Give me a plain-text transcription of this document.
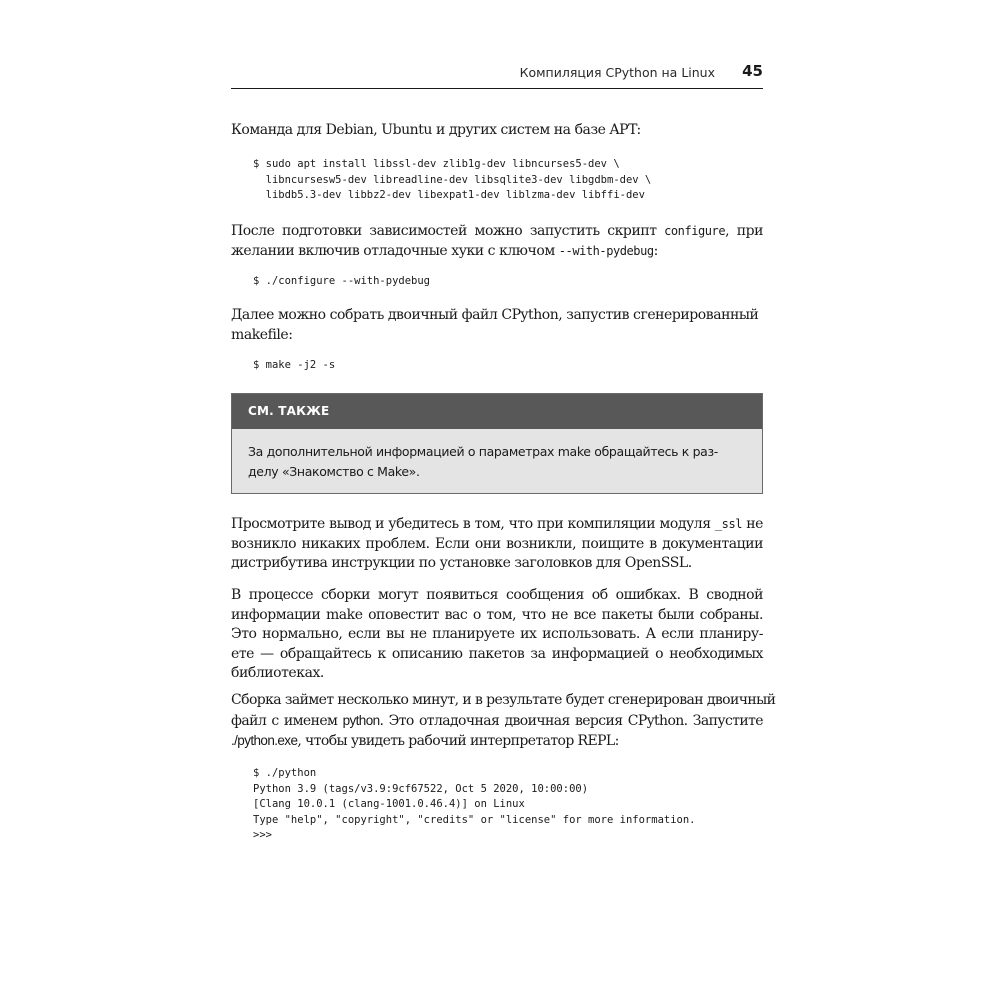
Компиляция CPython на Linux 45

Команда для Debian, Ubuntu и других систем на базе APT:

$ sudo apt install libssl-dev zlib1g-dev libncurses5-dev \
libncursesw5-dev libreadline-dev libsqlite3-dev libgdbm-dev \
libdb5.3-dev libbz2-dev libexpat1-dev liblzma-dev libffi-dev

После подготовки зависимостей можно запустить скрипт configure, при
желании включив отладочные хуки с ключом --with-pydebug:

$ ./configure --with-pydebug

Далее можно собрать двоичный файл CPython, запустив сгенерированный
makefile:

$ make -j2 -s
СМ. ТАКЖЕ
За дополнительной информацией о параметрах make обращайтесь к раз-
делу «Знакомство с Make».

Просмотрите вывод и убедитесь в том, что при компиляции модуля _ssl не
возникло никаких проблем. Если они возникли, поищите в документации
дистрибутива инструкции по установке заголовков для OpenSSL.

В процессе сборки могут появиться сообщения об ошибках. В сводной
информации make оповестит вас о том, что не все пакеты были собраны.
Это нормально, если вы не планируете их использовать. А если планиру-
ете — обращайтесь к описанию пакетов за информацией о необходимых
библиотеках.

Сборка займет несколько минут, и в результате будет сгенерирован двоичный
файл с именем python. Это отладочная двоичная версия CPython. Запустите
./python.exe, чтобы увидеть рабочий интерпретатор REPL:

$ ./python
Python 3.9 (tags/v3.9:9cf67522, Oct 5 2020, 10:00:00)
[Clang 10.0.1 (clang-1001.0.46.4)] on Linux
Type "help", "copyright", "credits" or "license" for more information.
>>>
